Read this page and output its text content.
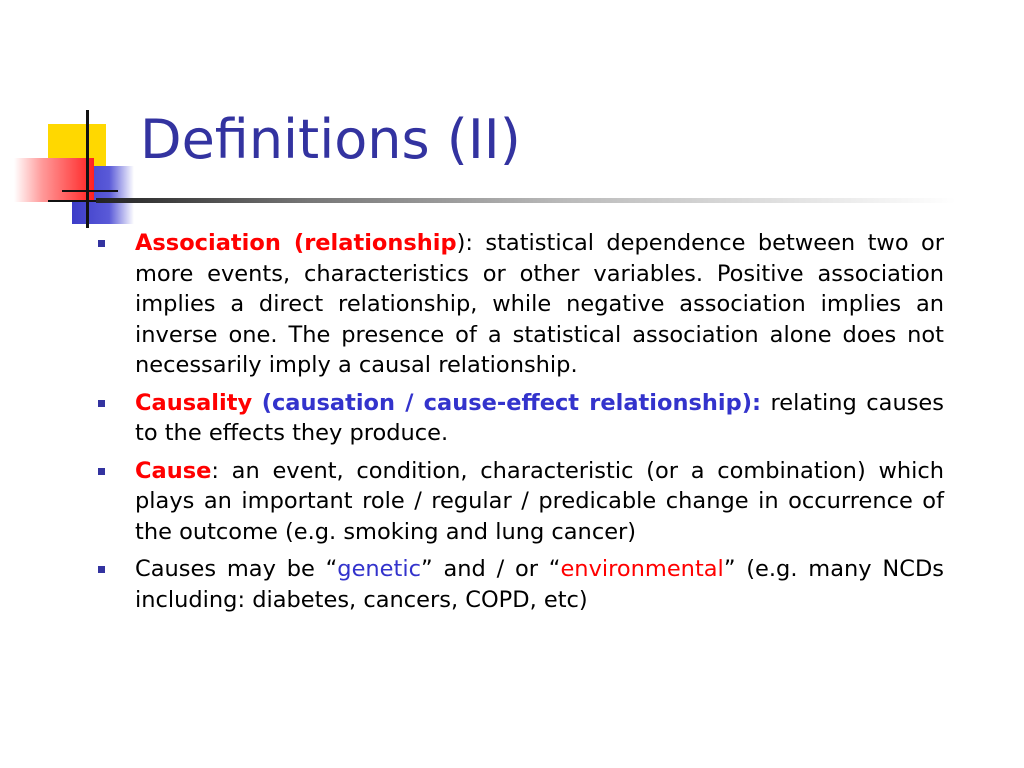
Definitions (II)
Association (relationship): statistical dependence between two or more events, characteristics or other variables. Positive association implies a direct relationship, while negative association implies an inverse one. The presence of a statistical association alone does not necessarily imply a causal relationship.
Causality (causation / cause-effect relationship): relating causes to the effects they produce.
Cause: an event, condition, characteristic (or a combination) which plays an important role / regular / predicable change in occurrence of the outcome (e.g. smoking and lung cancer)
Causes may be “genetic” and / or “environmental” (e.g. many NCDs including: diabetes, cancers, COPD, etc)
